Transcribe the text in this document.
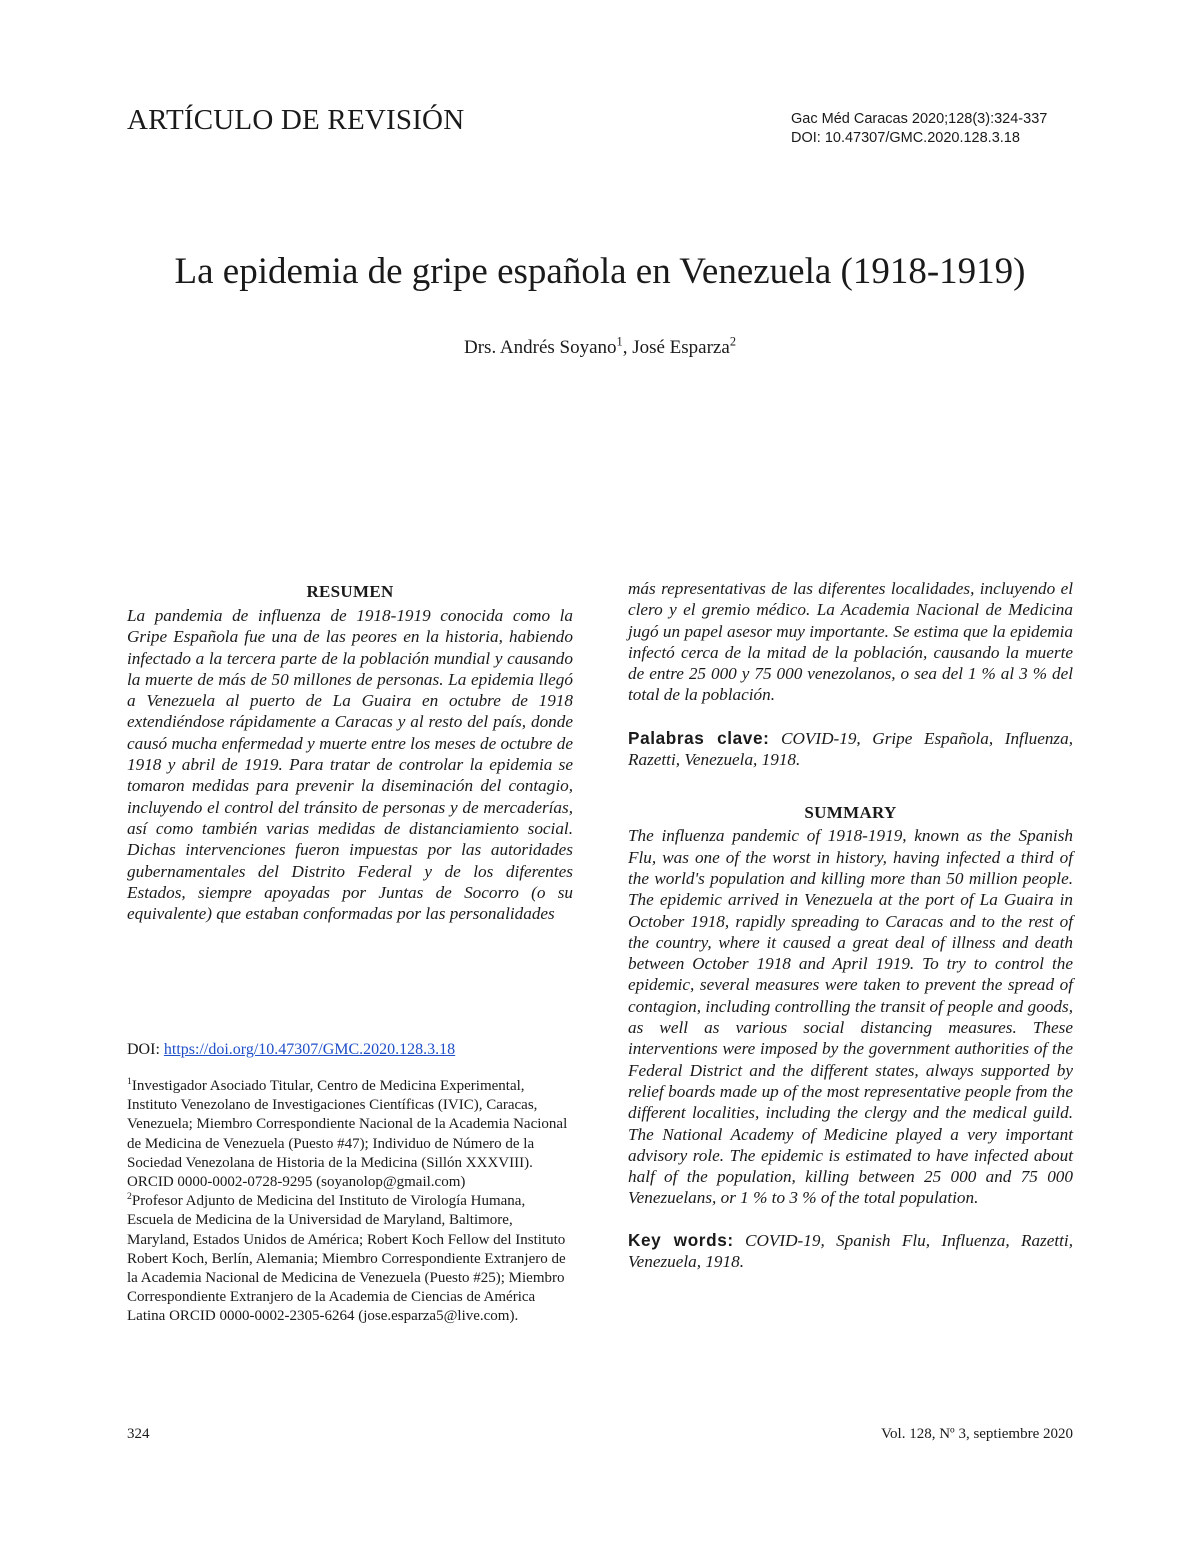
ARTÍCULO DE REVISIÓN	Gac Méd Caracas 2020;128(3):324-337
DOI: 10.47307/GMC.2020.128.3.18
La epidemia de gripe española en Venezuela (1918-1919)
Drs. Andrés Soyano$^1$, José Esparza$^2$
RESUMEN

La pandemia de influenza de 1918-1919 conocida como la Gripe Española fue una de las peores en la historia, habiendo infectado a la tercera parte de la población mundial y causando la muerte de más de 50 millones de personas. La epidemia llegó a Venezuela al puerto de La Guaira en octubre de 1918 extendiéndose rápidamente a Caracas y al resto del país, donde causó mucha enfermedad y muerte entre los meses de octubre de 1918 y abril de 1919. Para tratar de controlar la epidemia se tomaron medidas para prevenir la diseminación del contagio, incluyendo el control del tránsito de personas y de mercaderías, así como también varias medidas de distanciamiento social. Dichas intervenciones fueron impuestas por las autoridades gubernamentales del Distrito Federal y de los diferentes Estados, siempre apoyadas por Juntas de Socorro (o su equivalente) que estaban conformadas por las personalidades

más representativas de las diferentes localidades, incluyendo el clero y el gremio médico. La Academia Nacional de Medicina jugó un papel asesor muy importante. Se estima que la epidemia infectó cerca de la mitad de la población, causando la muerte de entre 25 000 y 75 000 venezolanos, o sea del 1 % al 3 % del total de la población.

Palabras clave: COVID-19, Gripe Española, Influenza, Razetti, Venezuela, 1918.

SUMMARY

The influenza pandemic of 1918-1919, known as the Spanish Flu, was one of the worst in history, having infected a third of the world's population and killing more than 50 million people. The epidemic arrived in Venezuela at the port of La Guaira in October 1918, rapidly spreading to Caracas and to the rest of the country, where it caused a great deal of illness and death between October 1918 and April 1919. To try to control the epidemic, several measures were taken to prevent the spread of contagion, including controlling the transit of people and goods, as well as various social distancing measures. These interventions were imposed by the government authorities of the Federal District and the different states, always supported by relief boards made up of the most representative people from the different localities, including the clergy and the medical guild. The National Academy of Medicine played a very important advisory role. The epidemic is estimated to have infected about half of the population, killing between 25 000 and 75 000 Venezuelans, or 1 % to 3 % of the total population.

Key words: COVID-19, Spanish Flu, Influenza, Razetti, Venezuela, 1918.

DOI: https://doi.org/10.47307/GMC.2020.128.3.18

$^1$Investigador Asociado Titular, Centro de Medicina Experimental, Instituto Venezolano de Investigaciones Científicas (IVIC), Caracas, Venezuela; Miembro Correspondiente Nacional de la Academia Nacional de Medicina de Venezuela (Puesto #47); Individuo de Número de la Sociedad Venezolana de Historia de la Medicina (Sillón XXXVIII). ORCID 0000-0002-0728-9295 (soyanolop@gmail.com)

$^2$Profesor Adjunto de Medicina del Instituto de Virología Humana, Escuela de Medicina de la Universidad de Maryland, Baltimore, Maryland, Estados Unidos de América; Robert Koch Fellow del Instituto Robert Koch, Berlín, Alemania; Miembro Correspondiente Extranjero de la Academia Nacional de Medicina de Venezuela (Puesto #25); Miembro Correspondiente Extranjero de la Academia de Ciencias de América Latina ORCID 0000-0002-2305-6264 (jose.esparza5@live.com).

324	Vol. 128, Nº 3, septiembre 2020
